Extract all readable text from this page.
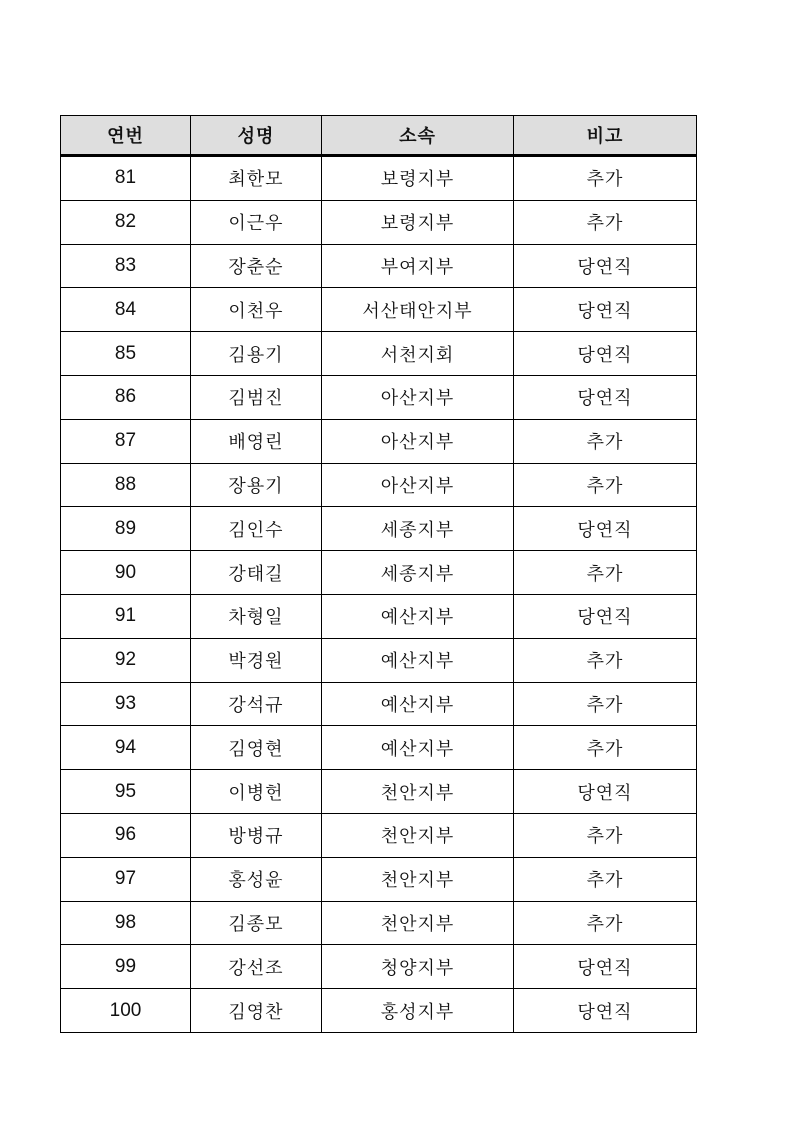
연번	성명	소속	비고
81	최한모	보령지부	추가
82	이근우	보령지부	추가
83	장춘순	부여지부	당연직
84	이천우	서산태안지부	당연직
85	김용기	서천지회	당연직
86	김범진	아산지부	당연직
87	배영린	아산지부	추가
88	장용기	아산지부	추가
89	김인수	세종지부	당연직
90	강태길	세종지부	추가
91	차형일	예산지부	당연직
92	박경원	예산지부	추가
93	강석규	예산지부	추가
94	김영현	예산지부	추가
95	이병헌	천안지부	당연직
96	방병규	천안지부	추가
97	홍성윤	천안지부	추가
98	김종모	천안지부	추가
99	강선조	청양지부	당연직
100	김영찬	홍성지부	당연직
